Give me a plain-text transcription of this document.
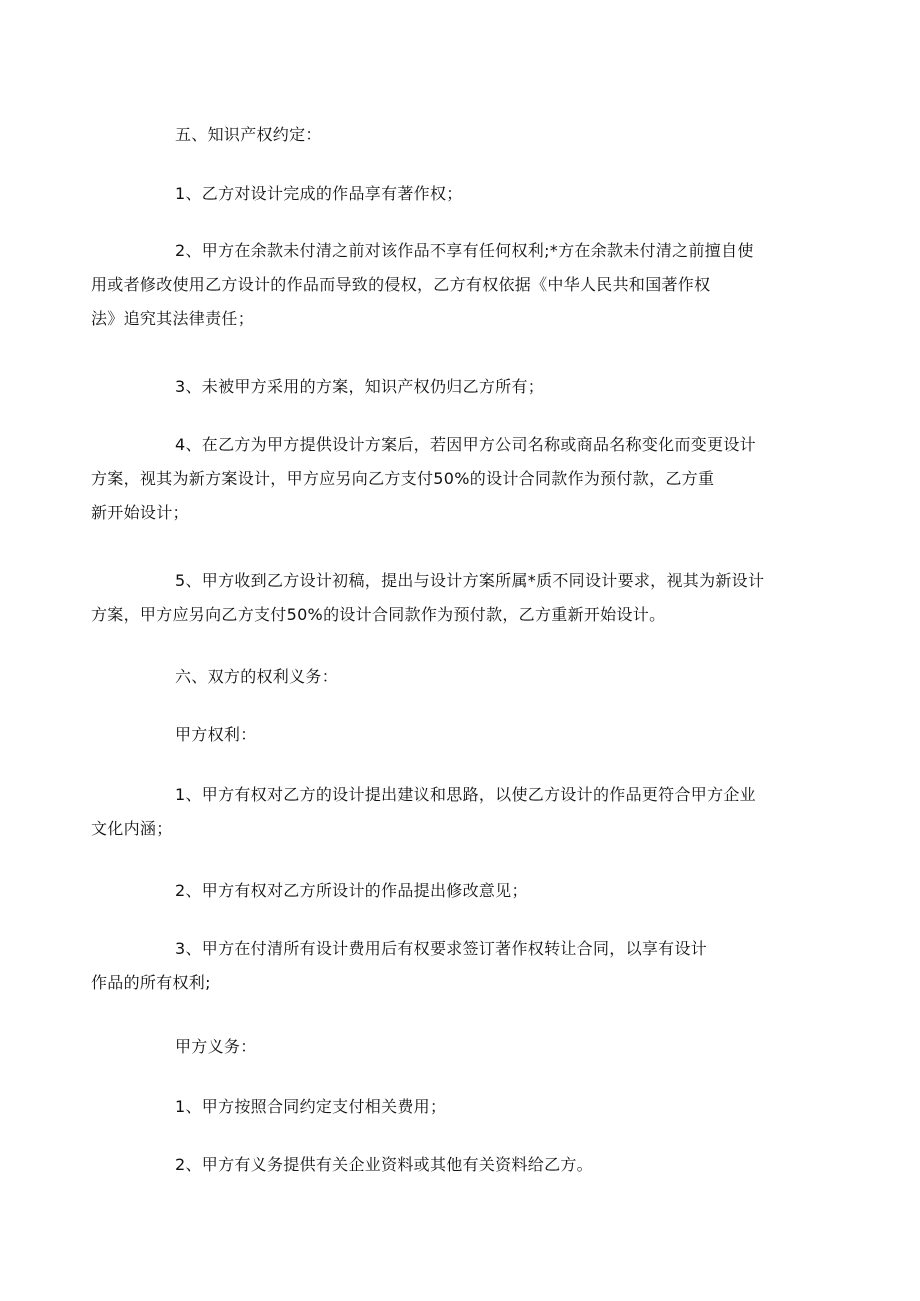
五、知识产权约定：

1、乙方对设计完成的作品享有著作权；

2、甲方在余款未付清之前对该作品不享有任何权利;*方在余款未付清之前擅自使
用或者修改使用乙方设计的作品而导致的侵权，乙方有权依据《中华人民共和国著作权
法》追究其法律责任；

3、未被甲方采用的方案，知识产权仍归乙方所有；

4、在乙方为甲方提供设计方案后，若因甲方公司名称或商品名称变化而变更设计
方案，视其为新方案设计，甲方应另向乙方支付50%的设计合同款作为预付款，乙方重
新开始设计；

5、甲方收到乙方设计初稿，提出与设计方案所属*质不同设计要求，视其为新设计
方案，甲方应另向乙方支付50%的设计合同款作为预付款，乙方重新开始设计。

六、双方的权利义务：

甲方权利：

1、甲方有权对乙方的设计提出建议和思路，以使乙方设计的作品更符合甲方企业
文化内涵；

2、甲方有权对乙方所设计的作品提出修改意见；

3、甲方在付清所有设计费用后有权要求签订著作权转让合同，以享有设计
作品的所有权利;

甲方义务：

1、甲方按照合同约定支付相关费用；

2、甲方有义务提供有关企业资料或其他有关资料给乙方。
